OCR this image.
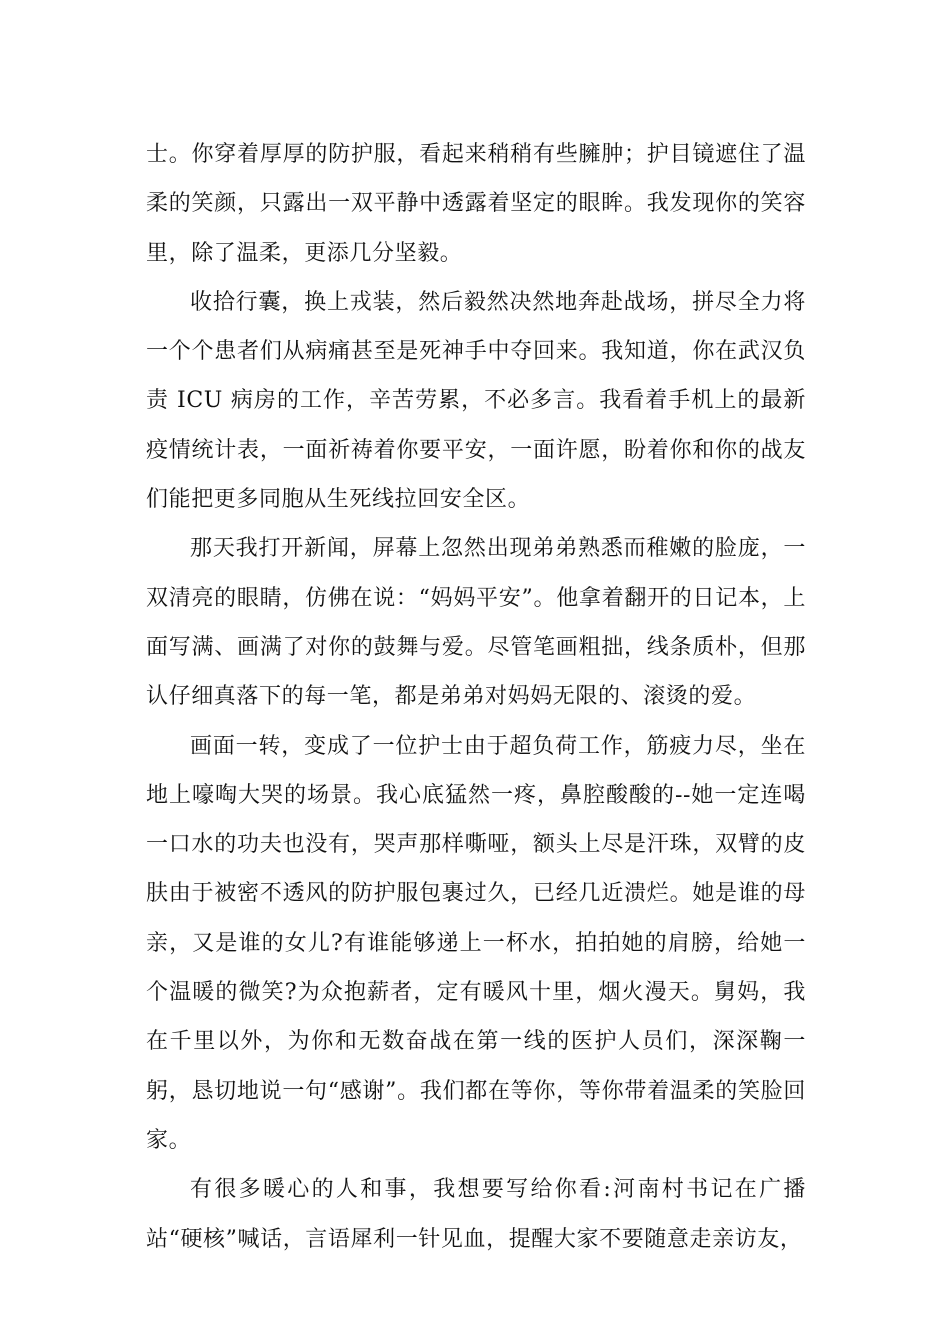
士。你穿着厚厚的防护服，看起来稍稍有些臃肿；护目镜遮住了温柔的笑颜，只露出一双平静中透露着坚定的眼眸。我发现你的笑容里，除了温柔，更添几分坚毅。

收拾行囊，换上戎装，然后毅然决然地奔赴战场，拼尽全力将一个个患者们从病痛甚至是死神手中夺回来。我知道，你在武汉负责 ICU 病房的工作，辛苦劳累，不必多言。我看着手机上的最新疫情统计表，一面祈祷着你要平安，一面许愿，盼着你和你的战友们能把更多同胞从生死线拉回安全区。

那天我打开新闻，屏幕上忽然出现弟弟熟悉而稚嫩的脸庞，一双清亮的眼睛，仿佛在说：“妈妈平安”。他拿着翻开的日记本，上面写满、画满了对你的鼓舞与爱。尽管笔画粗拙，线条质朴，但那认仔细真落下的每一笔，都是弟弟对妈妈无限的、滚烫的爱。

画面一转，变成了一位护士由于超负荷工作，筋疲力尽，坐在地上嚎啕大哭的场景。我心底猛然一疼，鼻腔酸酸的--她一定连喝一口水的功夫也没有，哭声那样嘶哑，额头上尽是汗珠，双臂的皮肤由于被密不透风的防护服包裹过久，已经几近溃烂。她是谁的母亲，又是谁的女儿?有谁能够递上一杯水，拍拍她的肩膀，给她一个温暖的微笑?为众抱薪者，定有暖风十里，烟火漫天。舅妈，我在千里以外，为你和无数奋战在第一线的医护人员们，深深鞠一躬，恳切地说一句“感谢”。我们都在等你，等你带着温柔的笑脸回家。

有很多暖心的人和事，我想要写给你看:河南村书记在广播站“硬核”喊话，言语犀利一针见血，提醒大家不要随意走亲访友，
